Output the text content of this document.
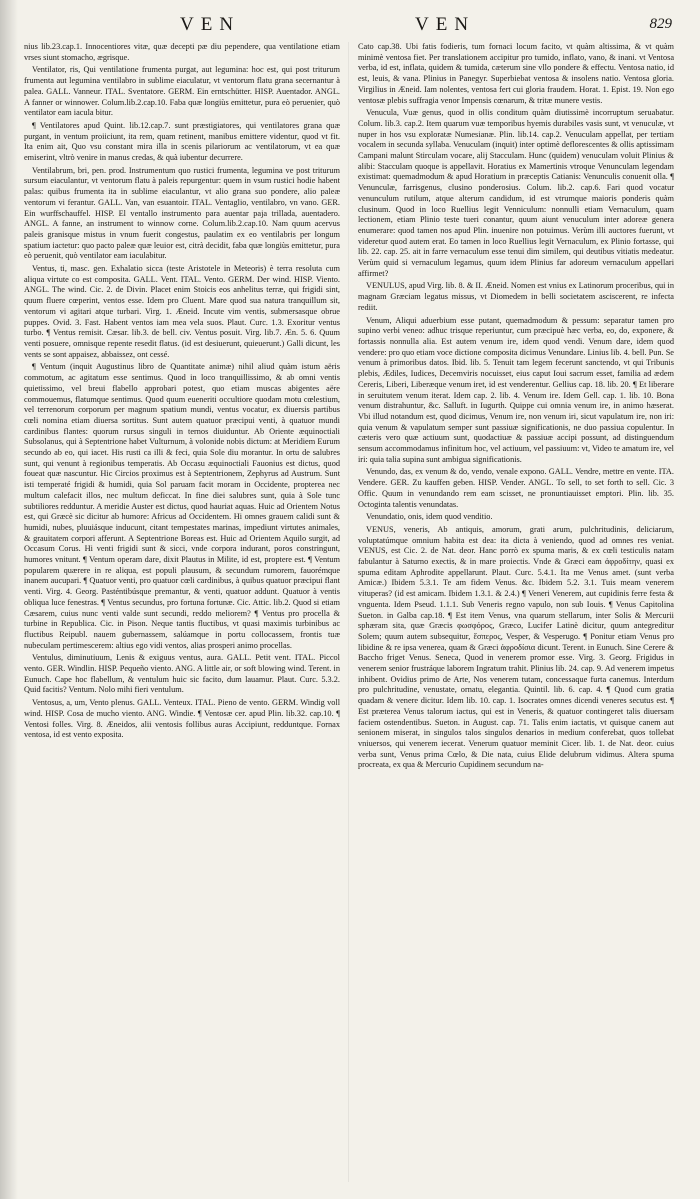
VEN	VEN	829

nius lib.23.cap.1. Innocentiores vitæ, quæ decepti pæ diu pependere, qua ventilatione etiam vrses siunt stomacho, ægrisque.

Ventilator, ris, Qui ventilatione frumenta purgat, aut legumina: hoc est, qui post triturum frumenta aut legumina ventilabro in sublime eiaculatur, vt ventorum flatu grana secernantur à palea. GALL. Vanneur. ITAL. Sventatore. GERM. Ein erntschütter. HISP. Auentador. ANGL. A fanner or winnower. Colum.lib.2.cap.10. Faba quæ longiùs emittetur, pura eò peruenier, quò ventilator eam iacula bitur.

¶ Ventilatores apud Quint. lib.12.cap.7. sunt præstigiatores, qui ventilatores grana quæ purgant, in ventum proiiciunt, ita rem, quam retinent, manibus emittere videntur, quod vt fit. Ita enim ait, Quo vsu constant mira illa in scenis pilariorum ac ventilatorum, vt ea quæ emiserint, vltrò venire in manus credas, & quà iubentur decurrere.

Ventilabrum, bri, pen. prod. Instrumentum quo rustici frumenta, legumina ve post triturum sursum eiaculantur, vt ventorum flatu à paleis repurgentur: quem in vsum rustici hodie habent palas: quibus frumenta ita in sublime eiaculantur, vt alio grana suo pondere, alio paleæ ventorum vi ferantur. GALL. Van, van esuantoir. ITAL. Ventaglio, ventilabro, vn vano. GER. Ein wurffschauffel. HISP. El ventallo instrumento para auentar paja trillada, auentadero. ANGL. A fanne, an instrument to winnow corne. Colum.lib.2.cap.10. Nam quum acervus paleis granisque mistus in vnum fuerit congestus, paulatim ex eo ventilabris per longum spatium iactetur: quo pacto paleæ quæ leuior est, citrà decidit, faba quæ longiùs emittetur, pura eò peruenit, quò ventilator eam iaculabitur.

Ventus, ti, masc. gen. Exhalatio sicca (teste Aristotele in Meteoris) è terra resoluta cum aliqua virtute co est composita. GALL. Vent. ITAL. Vento. GERM. Der wind. HISP. Viento. ANGL. The wind. Cic. 2. de Divin. Placet enim Stoicis eos anhelitus terræ, qui frigidi sint, quum fluere cœperint, ventos esse. Idem pro Cluent. Mare quod sua natura tranquillum sit, ventorum vi agitari atque turbari. Virg. 1. Æneid. Incute vim ventis, submersasque obrue puppes. Ovid. 3. Fast. Habent ventos iam mea vela suos. Plaut. Curc. 1.3. Exoritur ventus turbo. ¶ Ventus remisit. Cæsar. lib.3. de bell. civ. Ventus posuit. Virg. lib.7. Æn. 5. 6. Quum venti posuere, omnisque repente resedit flatus. (id est desiuerunt, quieuerunt.) Galli dicunt, les vents se sont appaisez, abbaissez, ont cessé.

¶ Ventum (inquit Augustinus libro de Quantitate animæ) nihil aliud quàm istum aëris commotum, ac agitatum esse sentimus. Quod in loco tranquillissimo, & ab omni ventis quietissimo, vel breui flabello approbari potest, quo etiam muscas abigentes aëre commouemus, flatumque sentimus. Quod quum eueneriti occultiore quodam motu cœlestium, vel terrenorum corporum per magnum spatium mundi, ventus vocatur, ex diuersis partibus cœli nomina etiam diuersa sortitus. Sunt autem quatuor præcipui venti, à quatuor mundi cardinibus flantes: quorum rursus singuli in ternos diuiduntur. Ab Oriente æquinoctiali Subsolanus, qui à Septentrione habet Vulturnum, à volonide nobis dictum: at Meridiem Eurum secundo ab eo, qui iacet. His rusti ca illi & feci, quia Sole diu morantur. In ortu de salubres sunt, qui venunt à regionibus temperatis. Ab Occasu æquinoctiali Fauonius est dictus, quod foueat quæ nascuntur. Hic Circios proximus est à Septentrionem, Zephyrus ad Austrum. Sunt isti temperaté frigidi & humidi, quia Sol paruam facit moram in Occidente, propterea nec multum calefacit illos, nec multum deficcat. In fine diei salubres sunt, quia à Sole tunc subtiliores redduntur. A meridie Auster est dictus, quod hauriat aquas. Huic ad Orientem Notus est, qui Græcè sic dicitur ab humore: Africus ad Occidentem. Hi omnes grauem calidi sunt & humidi, nubes, pluuiásque inducunt, citant tempestates marinas, impediunt virtutes animales, & grauitatem corpori afferunt. A Septentrione Boreas est. Huic ad Orientem Aquilo surgit, ad Occasum Corus. Hi venti frigidi sunt & sicci, vnde corpora indurant, poros constringunt, humores vnitunt. ¶ Ventum operam dare, dixit Plautus in Milite, id est, proptere est. ¶ Ventum popularem quærere in re aliqua, est populi plausum, & secundum rumorem, fauorémque inanem aucupari. ¶ Quatuor venti, pro quatuor cœli cardinibus, à quibus quatuor præcipui flant venti. Virg. 4. Georg. Pasténtibúsque premantur, & venti, quatuor addunt. Quatuor à ventis obliqua luce fenestras. ¶ Ventus secundus, pro fortuna fortunæ. Cic. Attic. lib.2. Quod si etiam Cæsarem, cuius nunc venti valde sunt secundi, reddo meliorem? ¶ Ventus pro procella & turbine in Republica. Cic. in Pison. Neque tantis fluctibus, vt quasi maximis turbinibus ac fluctibus Reipubl. nauem gubernassem, salúamque in portu collocassem, frontis tuæ nubeculam pertimescerem: altius ego vidi ventos, alias prosperi animo procellas.

Ventulus, diminutiuum, Lenis & exiguus ventus, aura. GALL. Petit vent. ITAL. Piccol vento. GER. Windlin. HISP. Pequeño viento. ANG. A little air, or soft blowing wind. Terent. in Eunuch. Cape hoc flabellum, & ventulum huic sic facito, dum lauamur. Plaut. Curc. 5.3.2. Quid facitis? Ventum. Nolo mihi fieri ventulum.

Ventosus, a, um, Vento plenus. GALL. Venteux. ITAL. Pieno de vento. GERM. Windig voll wind. HISP. Cosa de mucho viento. ANG. Windie. ¶ Ventosæ cer. apud Plin. lib.32. cap.10. ¶ Ventosi folles. Virg. 8. Æneidos, alii ventosis follibus auras Accipiunt, redduntque. Fornax ventosa, id est vento exposita.

Cato cap.38. Ubi fatis fodieris, tum fornaci locum facito, vt quàm altissima, & vt quàm minimè ventosa fiet. Per translationem accipitur pro tumido, inflato, vano, & inani. vt Ventosa verba, id est, inflata, quidem & tumida, cæterum sine vllo pondere & effectu. Ventosa natio, id est, leuis, & vana. Plinius in Panegyr. Superbiebat ventosa & insolens natio. Ventosa gloria. Virgilius in Æneid. Iam nolentes, ventosa fert cui gloria fraudem. Horat. 1. Epist. 19. Non ego ventosæ plebis suffragia venor Impensis cœnarum, & tritæ munere vestis.

Venucula, Vuæ genus, quod in ollis conditum quàm diutissimè incorruptum seruabatur. Colum. lib.3. cap.2. Item quarum vuæ temporibus hyemis durabiles vasis sunt, vt venuculæ, vt nuper in hos vsu exploratæ Numesianæ. Plin. lib.14. cap.2. Venuculam appellat, per tertiam vocalem in secunda syllaba. Venuculam (inquit) inter optimè deflorescentes & ollis aptissimam Campani malunt Stirculam vocare, alij Stacculam. Hunc (quidem) venuculam voluit Plinius & alibi: Stacculam quoque is appellavit. Horatius ex Mamertinis vtroque Venunculam legendam existimat: quemadmodum & apud Horatium in præceptis Catianis: Venunculis conuenit olla. ¶ Venunculæ, farrisgenus, clusino ponderosius. Colum. lib.2. cap.6. Fari quod vocatur venunculum rutilum, atque alterum candidum, id est vtrumque maioris ponderis quàm clusinum. Quod in loco Ruellius legit Venniculum: nonnulli etiam Vernaculum, quam lectionem, etiam Plinio teste tueri conantur, quum aiunt venuculum inter adoreæ genera enumerare: quod tamen nos apud Plin. inuenire non potuimus. Verùm illi auctores fuerunt, vt videretur quod autem erat. Eo tamen in loco Ruellius legit Vernaculum, ex Plinio fortasse, qui lib. 22. cap. 25. ait in farre vernaculum esse tenui dim similem, qui deutibus vitiatis medeatur. Verùm quid si vernaculum legamus, quum idem Plinius far adoreum vernaculum appellari affirmet?

VENULUS, apud Virg. lib. 8. & II. Æneid. Nomen est vnius ex Latinorum proceribus, qui in magnam Græciam legatus missus, vt Diomedem in belli societatem asciscerent, re infecta rediit.

Venum, Aliqui aduerbium esse putant, quemadmodum & pessum: separatur tamen pro supino verbi veneo: adhuc trisque reperiuntur, cum præcipuè hæc verba, eo, do, exponere, & fortassis nonnulla alia. Est autem venum ire, idem quod vendi. Venum dare, idem quod vendere: pro quo etiam voce dictione composita dicimus Venundare. Linius lib. 4. bell. Pun. Se venum à primoribus datos. Ibid. lib. 5. Tenuit tam legem fecerunt sanctendo, vt qui Tribunis plebis, Ædiles, Iudices, Decemviris nocuisset, eius caput Ioui sacrum esset, familia ad ædem Cereris, Liberi, Liberæque venum iret, id est venderentur. Gellius cap. 18. lib. 20. ¶ Et liberare in seruitutem venum iterat. Idem cap. 2. lib. 4. Venum ire. Idem Gell. cap. 1. lib. 10. Bona venum distrahuntur, &c. Salluft. in Iugurth. Quippe cui omnia venum ire, in animo hæserat. Vbi illud notandum est, quod dicimus, Venum ire, non venum iri, sicut vapulatum ire, non iri: quia venum & vapulatum semper sunt passiuæ significationis, ne duo passiua copulentur. In cæteris vero quæ actiuum sunt, quodactiuæ & passiuæ accipi possunt, ad distinguendum sensum accommodamus infinitum hoc, vel actiuum, vel passiuum: vt, Video te amatum ire, vel iri: quia talia supina sunt ambigua significationis.

Venundo, das, ex venum & do, vendo, venale expono. GALL. Vendre, mettre en vente. ITA. Vendere. GER. Zu kauffen geben. HISP. Vender. ANGL. To sell, to set forth to sell. Cic. 3 Offic. Quum in venundando rem eam scisset, ne pronuntiauisset emptori. Plin. lib. 35. Octoginta talentis venundatas.

Venundatio, onis, idem quod venditio.

VENUS, veneris, Ab antiquis, amorum, grati arum, pulchritudinis, deliciarum, voluptatúmque omnium habita est dea: ita dicta à veniendo, quod ad omnes res veniat. VENUS, est Cic. 2. de Nat. deor. Hanc porrò ex spuma maris, & ex cœli testiculis natam fabulantur à Saturno exectis, & in mare proiectis. Vnde & Græci eam ἀφροδίτην, quasi ex spuma editam Aphrodite appellarunt. Plaut. Curc. 5.4.1. Ita me Venus amet. (sunt verba Amicæ.) Ibidem 5.3.1. Te am fidem Venus. &c. Ibidem 5.2. 3.1. Tuis meam venerem vituperas? (id est amicam. Ibidem 1.3.1. & 2.4.) ¶ Veneri Venerem, aut cupidinis ferre festa & vnguenta. Idem Pseud. 1.1.1. Sub Veneris regno vapulo, non sub Iouis. ¶ Venus Capitolina Sueton. in Galba cap.18. ¶ Est item Venus, vna quarum stellarum, inter Solis & Mercurii sphæram sita, quæ Græcis φωσφόρος, Græco, Lucifer Latinè dicitur, quum antegreditur Solem; quum autem subsequitur, ἕσπερος, Vesper, & Vesperugo. ¶ Ponitur etiam Venus pro libidine & re ipsa venerea, quam & Græci ἀφροδίσια dicunt. Terent. in Eunuch. Sine Cerere & Baccho friget Venus. Seneca, Quod in venerem promor esse. Virg. 3. Georg. Frigidus in venerem senior frustráque laborem Ingratum trahit. Plinius lib. 24. cap. 9. Ad venerem impetus inhibent. Ovidius primo de Arte, Nos venerem tutam, concessaque furta canemus. Interdum pro pulchritudine, venustate, ornatu, elegantia. Quintil. lib. 6. cap. 4. ¶ Quod cum gratia quadam & venere dicitur. Idem lib. 10. cap. 1. Isocrates omnes dicendi veneres secutus est. ¶ Est præterea Venus talorum iactus, qui est in Veneris, & quatuor contingeret talis diuersam faciem ostendentibus. Sueton. in August. cap. 71. Talis enim iactatis, vt quisque canem aut senionem miserat, in singulos talos singulos denarios in medium conferebat, quos tollebat vniuersos, qui venerem iecerat. Venerum quatuor meminit Cicer. lib. 1. de Nat. deor. cuius verba sunt, Venus prima Cœlo, & Die nata, cuius Elide delubrum vidimus. Altera spuma procreata, ex qua & Mercurio Cupidinem secundum na-
